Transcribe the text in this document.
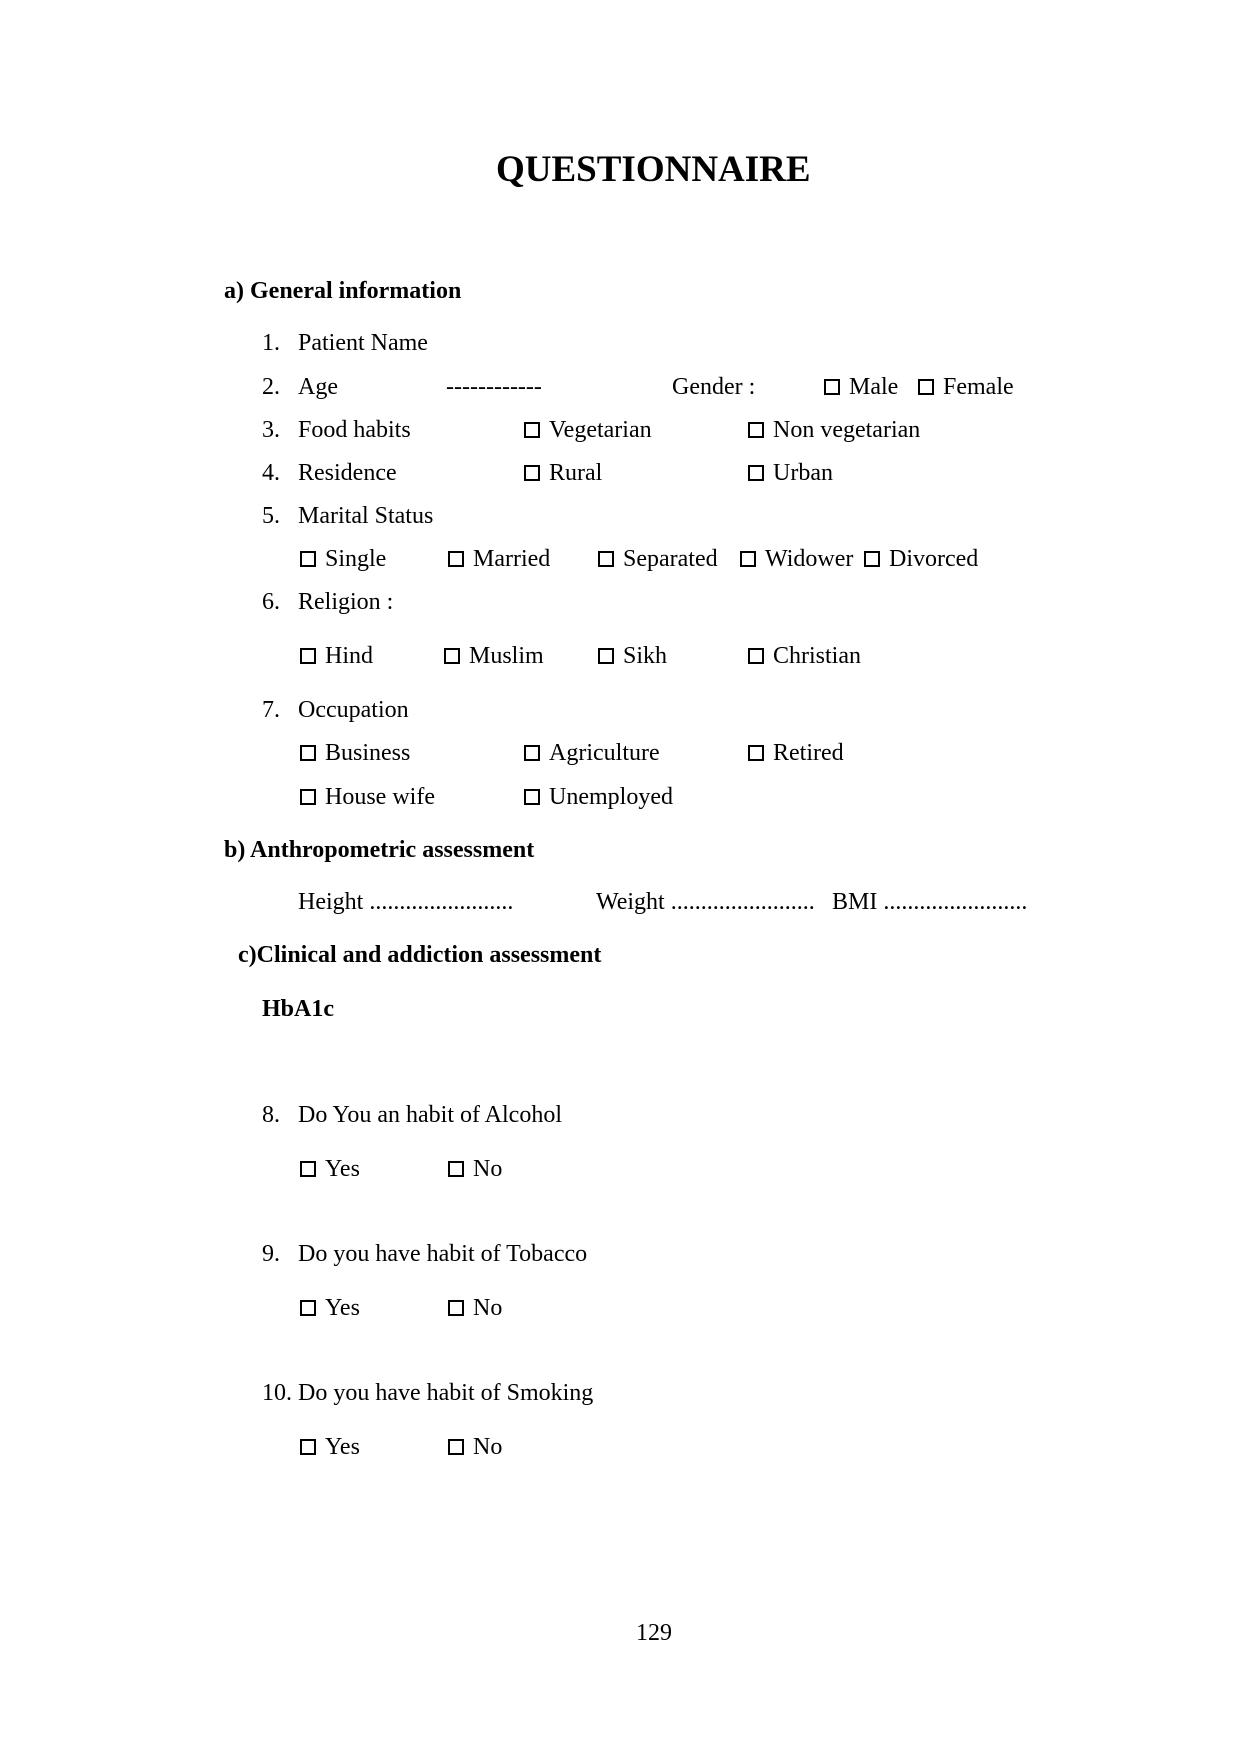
QUESTIONNAIRE
a) General information
1. Patient Name
2. Age	------------	Gender :	Male	Female
3. Food habits	Vegetarian	Non vegetarian
4. Residence	Rural	Urban
5. Marital Status
Single	Married	Separated	Widower	Divorced
6. Religion :
Hind	Muslim	Sikh	Christian
7. Occupation
Business	Agriculture	Retired
House wife	Unemployed
b) Anthropometric assessment
Height ........................	Weight ........................ BMI ........................
c)Clinical and addiction assessment
HbA1c
8. Do You an habit of Alcohol
Yes	No
9. Do you have habit of Tobacco
Yes	No
10. Do you have habit of Smoking
Yes	No
129
